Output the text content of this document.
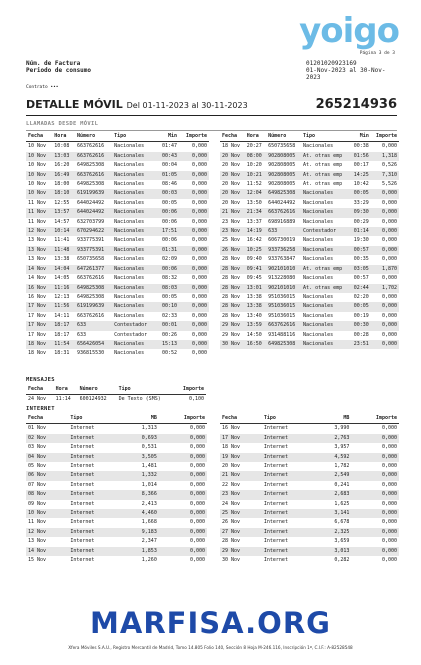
yoigo
Página 3 de 3
Núm. de Factura
Periodo de consumo
01201020923169
01-Nov-2023 al 30-Nov-2023
Contrato •••
DETALLE MÓVIL Del 01-11-2023 al 30-11-2023	265214936
LLAMADAS DESDE MÓVIL
Fecha	Hora	Número	Tipo	Min	Importe
10 Nov	10:08	663762616	Nacionales	01:47	0,000
10 Nov	13:03	663762616	Nacionales	00:43	0,000
10 Nov	16:20	649825308	Nacionales	00:04	0,000
10 Nov	16:49	663762616	Nacionales	01:05	0,000
10 Nov	18:00	649825308	Nacionales	08:46	0,000
10 Nov	18:10	619199639	Nacionales	00:03	0,000
11 Nov	12:55	644024492	Nacionales	00:05	0,000
11 Nov	13:57	644024492	Nacionales	00:06	0,000
11 Nov	14:57	632703799	Nacionales	00:06	0,000
12 Nov	10:14	670294622	Nacionales	17:51	0,000
13 Nov	11:41	933775391	Nacionales	00:06	0,000
13 Nov	11:48	933775391	Nacionales	01:31	0,000
13 Nov	13:38	650735658	Nacionales	02:09	0,000
14 Nov	14:04	647261377	Nacionales	00:06	0,000
14 Nov	14:05	663762616	Nacionales	08:32	0,000
16 Nov	11:16	649825308	Nacionales	08:03	0,000
16 Nov	12:13	649825308	Nacionales	00:05	0,000
17 Nov	11:56	619199639	Nacionales	00:10	0,000
17 Nov	14:11	663762616	Nacionales	02:33	0,000
17 Nov	18:17	633	Contestador	00:01	0,000
17 Nov	18:17	633	Contestador	00:26	0,000
18 Nov	11:54	656426054	Nacionales	15:13	0,000
18 Nov	18:31	936815530	Nacionales	00:52	0,000
Fecha	Hora	Número	Tipo	Min	Importe
18 Nov	20:27	650735658	Nacionales	00:38	0,000
20 Nov	08:00	902808005	At. otras emp	01:56	1,318
20 Nov	10:20	902808005	At. otras emp	00:17	0,526
20 Nov	10:21	902808005	At. otras emp	14:25	7,310
20 Nov	11:52	902808005	At. otras emp	10:42	5,526
20 Nov	12:04	649825308	Nacionales	00:05	0,000
20 Nov	13:50	644024492	Nacionales	33:29	0,000
21 Nov	21:34	663762616	Nacionales	09:30	0,000
23 Nov	13:37	698916889	Nacionales	00:29	0,000
23 Nov	14:19	633	Contestador	01:14	0,000
25 Nov	16:42	606730019	Nacionales	19:30	0,000
26 Nov	10:25	933736258	Nacionales	00:57	0,000
28 Nov	09:40	933763847	Nacionales	00:35	0,000
28 Nov	09:41	902101010	At. otras emp	03:05	1,870
28 Nov	09:45	913228080	Nacionales	00:57	0,000
28 Nov	13:01	902101010	At. otras emp	02:44	1,702
28 Nov	13:38	951036015	Nacionales	02:20	0,000
28 Nov	13:38	951036015	Nacionales	00:05	0,000
28 Nov	13:40	951036015	Nacionales	00:19	0,000
29 Nov	13:59	663762616	Nacionales	00:30	0,000
29 Nov	14:50	931488116	Nacionales	00:28	0,000
30 Nov	16:50	649825308	Nacionales	23:51	0,000
MENSAJES
Fecha	Hora	Número	Tipo	Importe
24 Nov	11:14	600124932	De Texto (SMS)	0,100
INTERNET
Fecha	Tipo	MB	Importe
01 Nov	Internet	1,313	0,000
02 Nov	Internet	0,693	0,000
03 Nov	Internet	0,531	0,000
04 Nov	Internet	3,505	0,000
05 Nov	Internet	1,481	0,000
06 Nov	Internet	1,332	0,000
07 Nov	Internet	1,014	0,000
08 Nov	Internet	8,366	0,000
09 Nov	Internet	2,413	0,000
10 Nov	Internet	4,460	0,000
11 Nov	Internet	1,668	0,000
12 Nov	Internet	9,183	0,000
13 Nov	Internet	2,347	0,000
14 Nov	Internet	1,853	0,000
15 Nov	Internet	1,260	0,000
Fecha	Tipo	MB	Importe
16 Nov	Internet	3,990	0,000
17 Nov	Internet	2,763	0,000
18 Nov	Internet	3,957	0,000
19 Nov	Internet	4,592	0,000
20 Nov	Internet	1,782	0,000
21 Nov	Internet	2,549	0,000
22 Nov	Internet	0,241	0,000
23 Nov	Internet	2,683	0,000
24 Nov	Internet	1,625	0,000
25 Nov	Internet	3,141	0,000
26 Nov	Internet	6,678	0,000
27 Nov	Internet	2,325	0,000
28 Nov	Internet	3,659	0,000
29 Nov	Internet	3,013	0,000
30 Nov	Internet	0,282	0,000
MARFISA.ORG
Xfera Móviles S.A.U., Registro Mercantil de Madrid, Tomo 14.805 Folio 140, Sección 8 Hoja M-246.116, Inscripción 1ª, C.I.F.: A-82528548
